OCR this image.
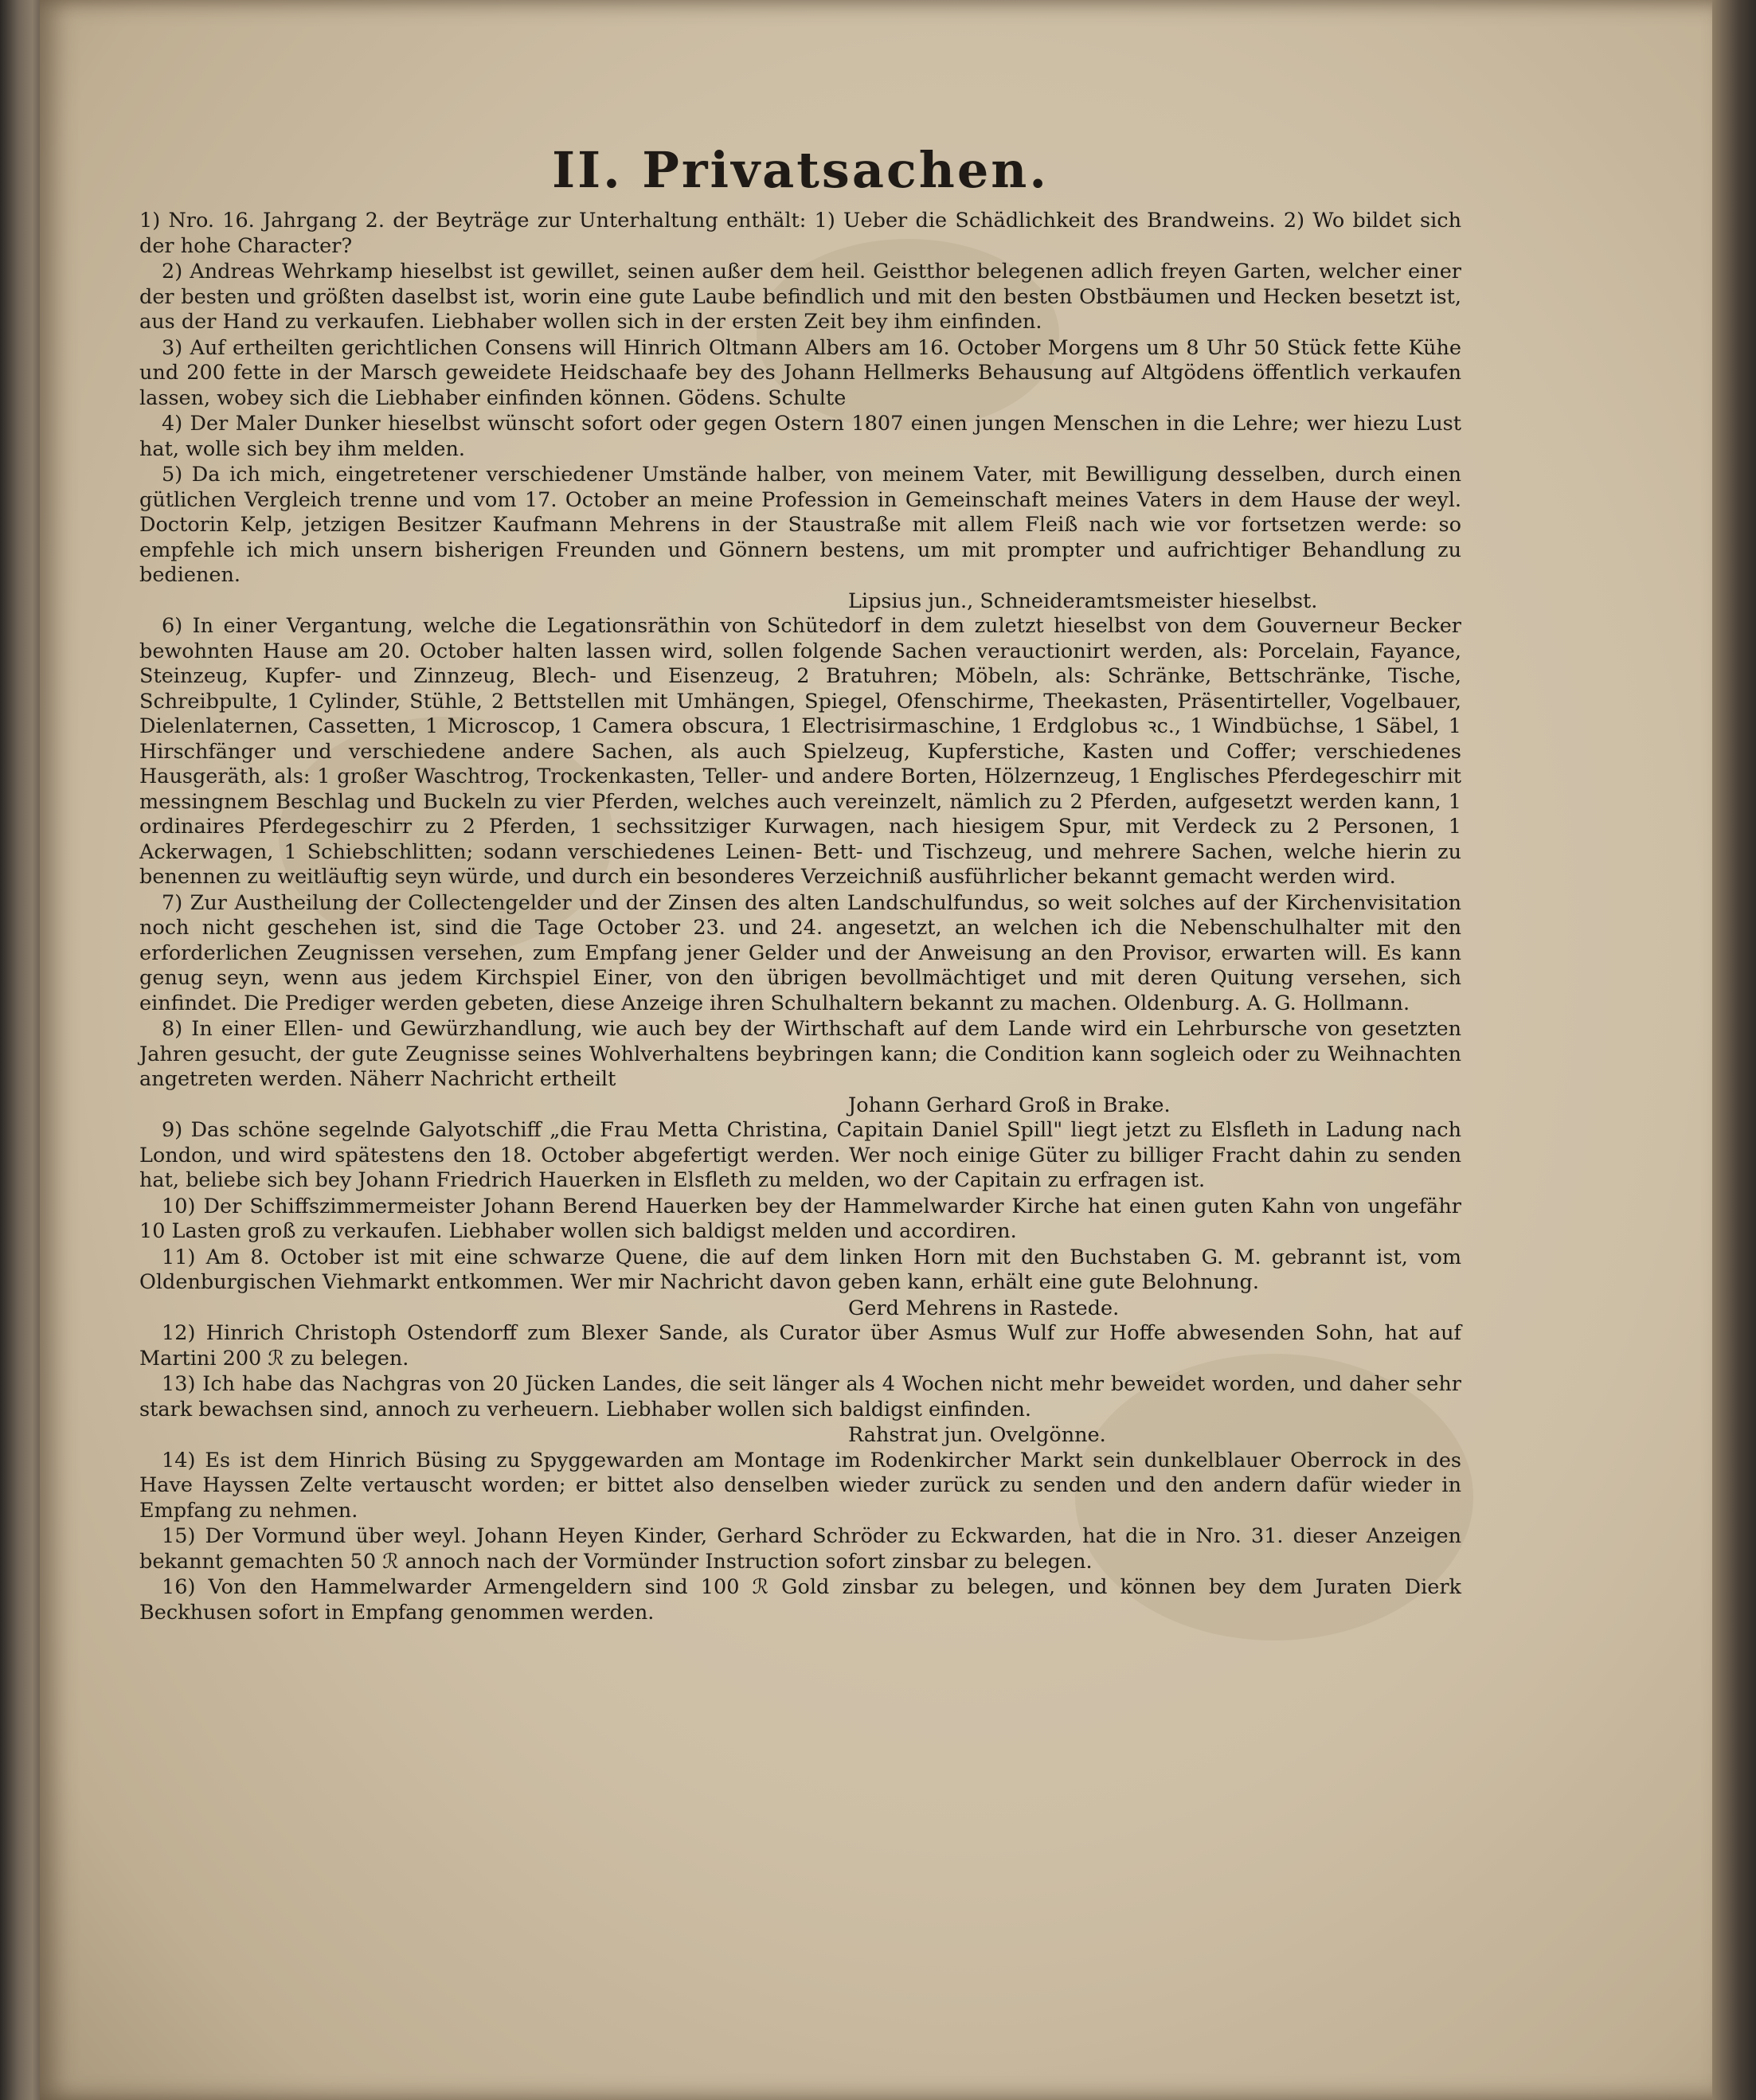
II. Privatsachen.

1) Nro. 16. Jahrgang 2. der Beyträge zur Unterhaltung enthält: 1) Ueber die Schädlichkeit des Brandweins. 2) Wo bildet sich der hohe Character?

2) Andreas Wehrkamp hieselbst ist gewillet, seinen außer dem heil. Geistthor belegenen adlich freyen Garten, welcher einer der besten und größten daselbst ist, worin eine gute Laube befindlich und mit den besten Obstbäumen und Hecken besetzt ist, aus der Hand zu verkaufen. Liebhaber wollen sich in der ersten Zeit bey ihm einfinden.

3) Auf ertheilten gerichtlichen Consens will Hinrich Oltmann Albers am 16. October Morgens um 8 Uhr 50 Stück fette Kühe und 200 fette in der Marsch geweidete Heidschaafe bey des Johann Hellmerks Behausung auf Altgödens öffentlich verkaufen lassen, wobey sich die Liebhaber einfinden können. Gödens. Schulte

4) Der Maler Dunker hieselbst wünscht sofort oder gegen Ostern 1807 einen jungen Menschen in die Lehre; wer hiezu Lust hat, wolle sich bey ihm melden.

5) Da ich mich, eingetretener verschiedener Umstände halber, von meinem Vater, mit Bewilligung desselben, durch einen gütlichen Vergleich trenne und vom 17. October an meine Profession in Gemeinschaft meines Vaters in dem Hause der weyl. Doctorin Kelp, jetzigen Besitzer Kaufmann Mehrens in der Staustraße mit allem Fleiß nach wie vor fortsetzen werde: so empfehle ich mich unsern bisherigen Freunden und Gönnern bestens, um mit prompter und aufrichtiger Behandlung zu bedienen.

Lipsius jun., Schneideramtsmeister hieselbst.

6) In einer Vergantung, welche die Legationsräthin von Schütedorf in dem zuletzt hieselbst von dem Gouverneur Becker bewohnten Hause am 20. October halten lassen wird, sollen folgende Sachen verauctionirt werden, als: Porcelain, Fayance, Steinzeug, Kupfer- und Zinnzeug, Blech- und Eisenzeug, 2 Bratuhren; Möbeln, als: Schränke, Bettschränke, Tische, Schreibpulte, 1 Cylinder, Stühle, 2 Bettstellen mit Umhängen, Spiegel, Ofenschirme, Theekasten, Präsentirteller, Vogelbauer, Dielenlaternen, Cassetten, 1 Microscop, 1 Camera obscura, 1 Electrisirmaschine, 1 Erdglobus ꝛc., 1 Windbüchse, 1 Säbel, 1 Hirschfänger und verschiedene andere Sachen, als auch Spielzeug, Kupferstiche, Kasten und Coffer; verschiedenes Hausgeräth, als: 1 großer Waschtrog, Trockenkasten, Teller- und andere Borten, Hölzernzeug, 1 Englisches Pferdegeschirr mit messingnem Beschlag und Buckeln zu vier Pferden, welches auch vereinzelt, nämlich zu 2 Pferden, aufgesetzt werden kann, 1 ordinaires Pferdegeschirr zu 2 Pferden, 1 sechssitziger Kurwagen, nach hiesigem Spur, mit Verdeck zu 2 Personen, 1 Ackerwagen, 1 Schiebschlitten; sodann verschiedenes Leinen- Bett- und Tischzeug, und mehrere Sachen, welche hierin zu benennen zu weitläuftig seyn würde, und durch ein besonderes Verzeichniß ausführlicher bekannt gemacht werden wird.

7) Zur Austheilung der Collectengelder und der Zinsen des alten Landschulfundus, so weit solches auf der Kirchenvisitation noch nicht geschehen ist, sind die Tage October 23. und 24. angesetzt, an welchen ich die Nebenschulhalter mit den erforderlichen Zeugnissen versehen, zum Empfang jener Gelder und der Anweisung an den Provisor, erwarten will. Es kann genug seyn, wenn aus jedem Kirchspiel Einer, von den übrigen bevollmächtiget und mit deren Quitung versehen, sich einfindet. Die Prediger werden gebeten, diese Anzeige ihren Schulhaltern bekannt zu machen. Oldenburg. A. G. Hollmann.

8) In einer Ellen- und Gewürzhandlung, wie auch bey der Wirthschaft auf dem Lande wird ein Lehrbursche von gesetzten Jahren gesucht, der gute Zeugnisse seines Wohlverhaltens beybringen kann; die Condition kann sogleich oder zu Weihnachten angetreten werden. Näherr Nachricht ertheilt

Johann Gerhard Groß in Brake.

9) Das schöne segelnde Galyotschiff „die Frau Metta Christina, Capitain Daniel Spill" liegt jetzt zu Elsfleth in Ladung nach London, und wird spätestens den 18. October abgefertigt werden. Wer noch einige Güter zu billiger Fracht dahin zu senden hat, beliebe sich bey Johann Friedrich Hauerken in Elsfleth zu melden, wo der Capitain zu erfragen ist.

10) Der Schiffszimmermeister Johann Berend Hauerken bey der Hammelwarder Kirche hat einen guten Kahn von ungefähr 10 Lasten groß zu verkaufen. Liebhaber wollen sich baldigst melden und accordiren.

11) Am 8. October ist mit eine schwarze Quene, die auf dem linken Horn mit den Buchstaben G. M. gebrannt ist, vom Oldenburgischen Viehmarkt entkommen. Wer mir Nachricht davon geben kann, erhält eine gute Belohnung.

Gerd Mehrens in Rastede.

12) Hinrich Christoph Ostendorff zum Blexer Sande, als Curator über Asmus Wulf zur Hoffe abwesenden Sohn, hat auf Martini 200 ℛ zu belegen.

13) Ich habe das Nachgras von 20 Jücken Landes, die seit länger als 4 Wochen nicht mehr beweidet worden, und daher sehr stark bewachsen sind, annoch zu verheuern. Liebhaber wollen sich baldigst einfinden.

Rahstrat jun. Ovelgönne.

14) Es ist dem Hinrich Büsing zu Spyggewarden am Montage im Rodenkircher Markt sein dunkelblauer Oberrock in des Have Hayssen Zelte vertauscht worden; er bittet also denselben wieder zurück zu senden und den andern dafür wieder in Empfang zu nehmen.

15) Der Vormund über weyl. Johann Heyen Kinder, Gerhard Schröder zu Eckwarden, hat die in Nro. 31. dieser Anzeigen bekannt gemachten 50 ℛ annoch nach der Vormünder Instruction sofort zinsbar zu belegen.

16) Von den Hammelwarder Armengeldern sind 100 ℛ Gold zinsbar zu belegen, und können bey dem Juraten Dierk Beckhusen sofort in Empfang genommen werden.
